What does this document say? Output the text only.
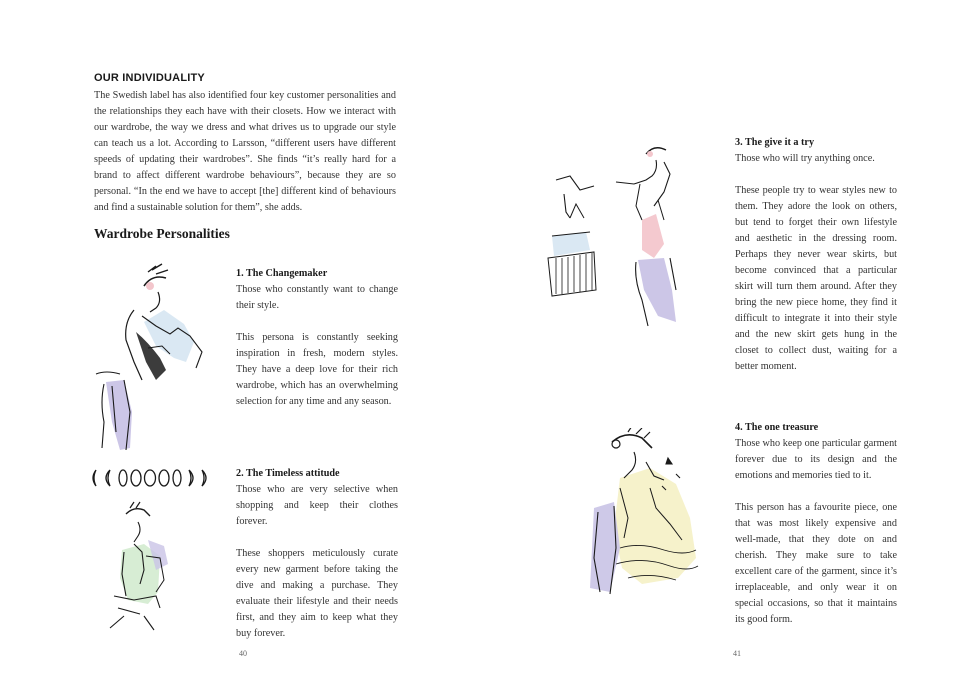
OUR INDIVIDUALITY
The Swedish label has also identified four key customer personalities and the relationships they each have with their closets. How we interact with our wardrobe, the way we dress and what drives us to upgrade our style can teach us a lot. According to Larsson, “different users have different speeds of updating their wardrobes”. She finds “it’s really hard for a brand to affect different wardrobe behaviours”, because they are so personal. “In the end we have to accept [the] different kind of behaviours and find a sustainable solution for them”, she adds.
Wardrobe Personalities
1. The Changemaker
Those who constantly want to change their style.
This persona is constantly seeking inspiration in fresh, modern styles. They have a deep love for their rich wardrobe, which has an overwhelming selection for any time and any season.
2. The Timeless attitude
Those who are very selective when shopping and keep their clothes forever.
These shoppers meticulously curate every new garment before taking the dive and making a purchase. They evaluate their lifestyle and their needs first, and they aim to keep what they buy forever.
40
3. The give it a try
Those who will try anything once.
These people try to wear styles new to them. They adore the look on others, but tend to forget their own lifestyle and aesthetic in the dressing room. Perhaps they never wear skirts, but become convinced that a particular skirt will turn them around. After they bring the new piece home, they find it difficult to integrate it into their style and the new skirt gets hung in the closet to collect dust, waiting for a better moment.
4. The one treasure
Those who keep one particular garment forever due to its design and the emotions and memories tied to it.
This person has a favourite piece, one that was most likely expensive and well-made, that they dote on and cherish. They make sure to take excellent care of the garment, since it’s irreplaceable, and only wear it on special occasions, so that it maintains its good form.
41
